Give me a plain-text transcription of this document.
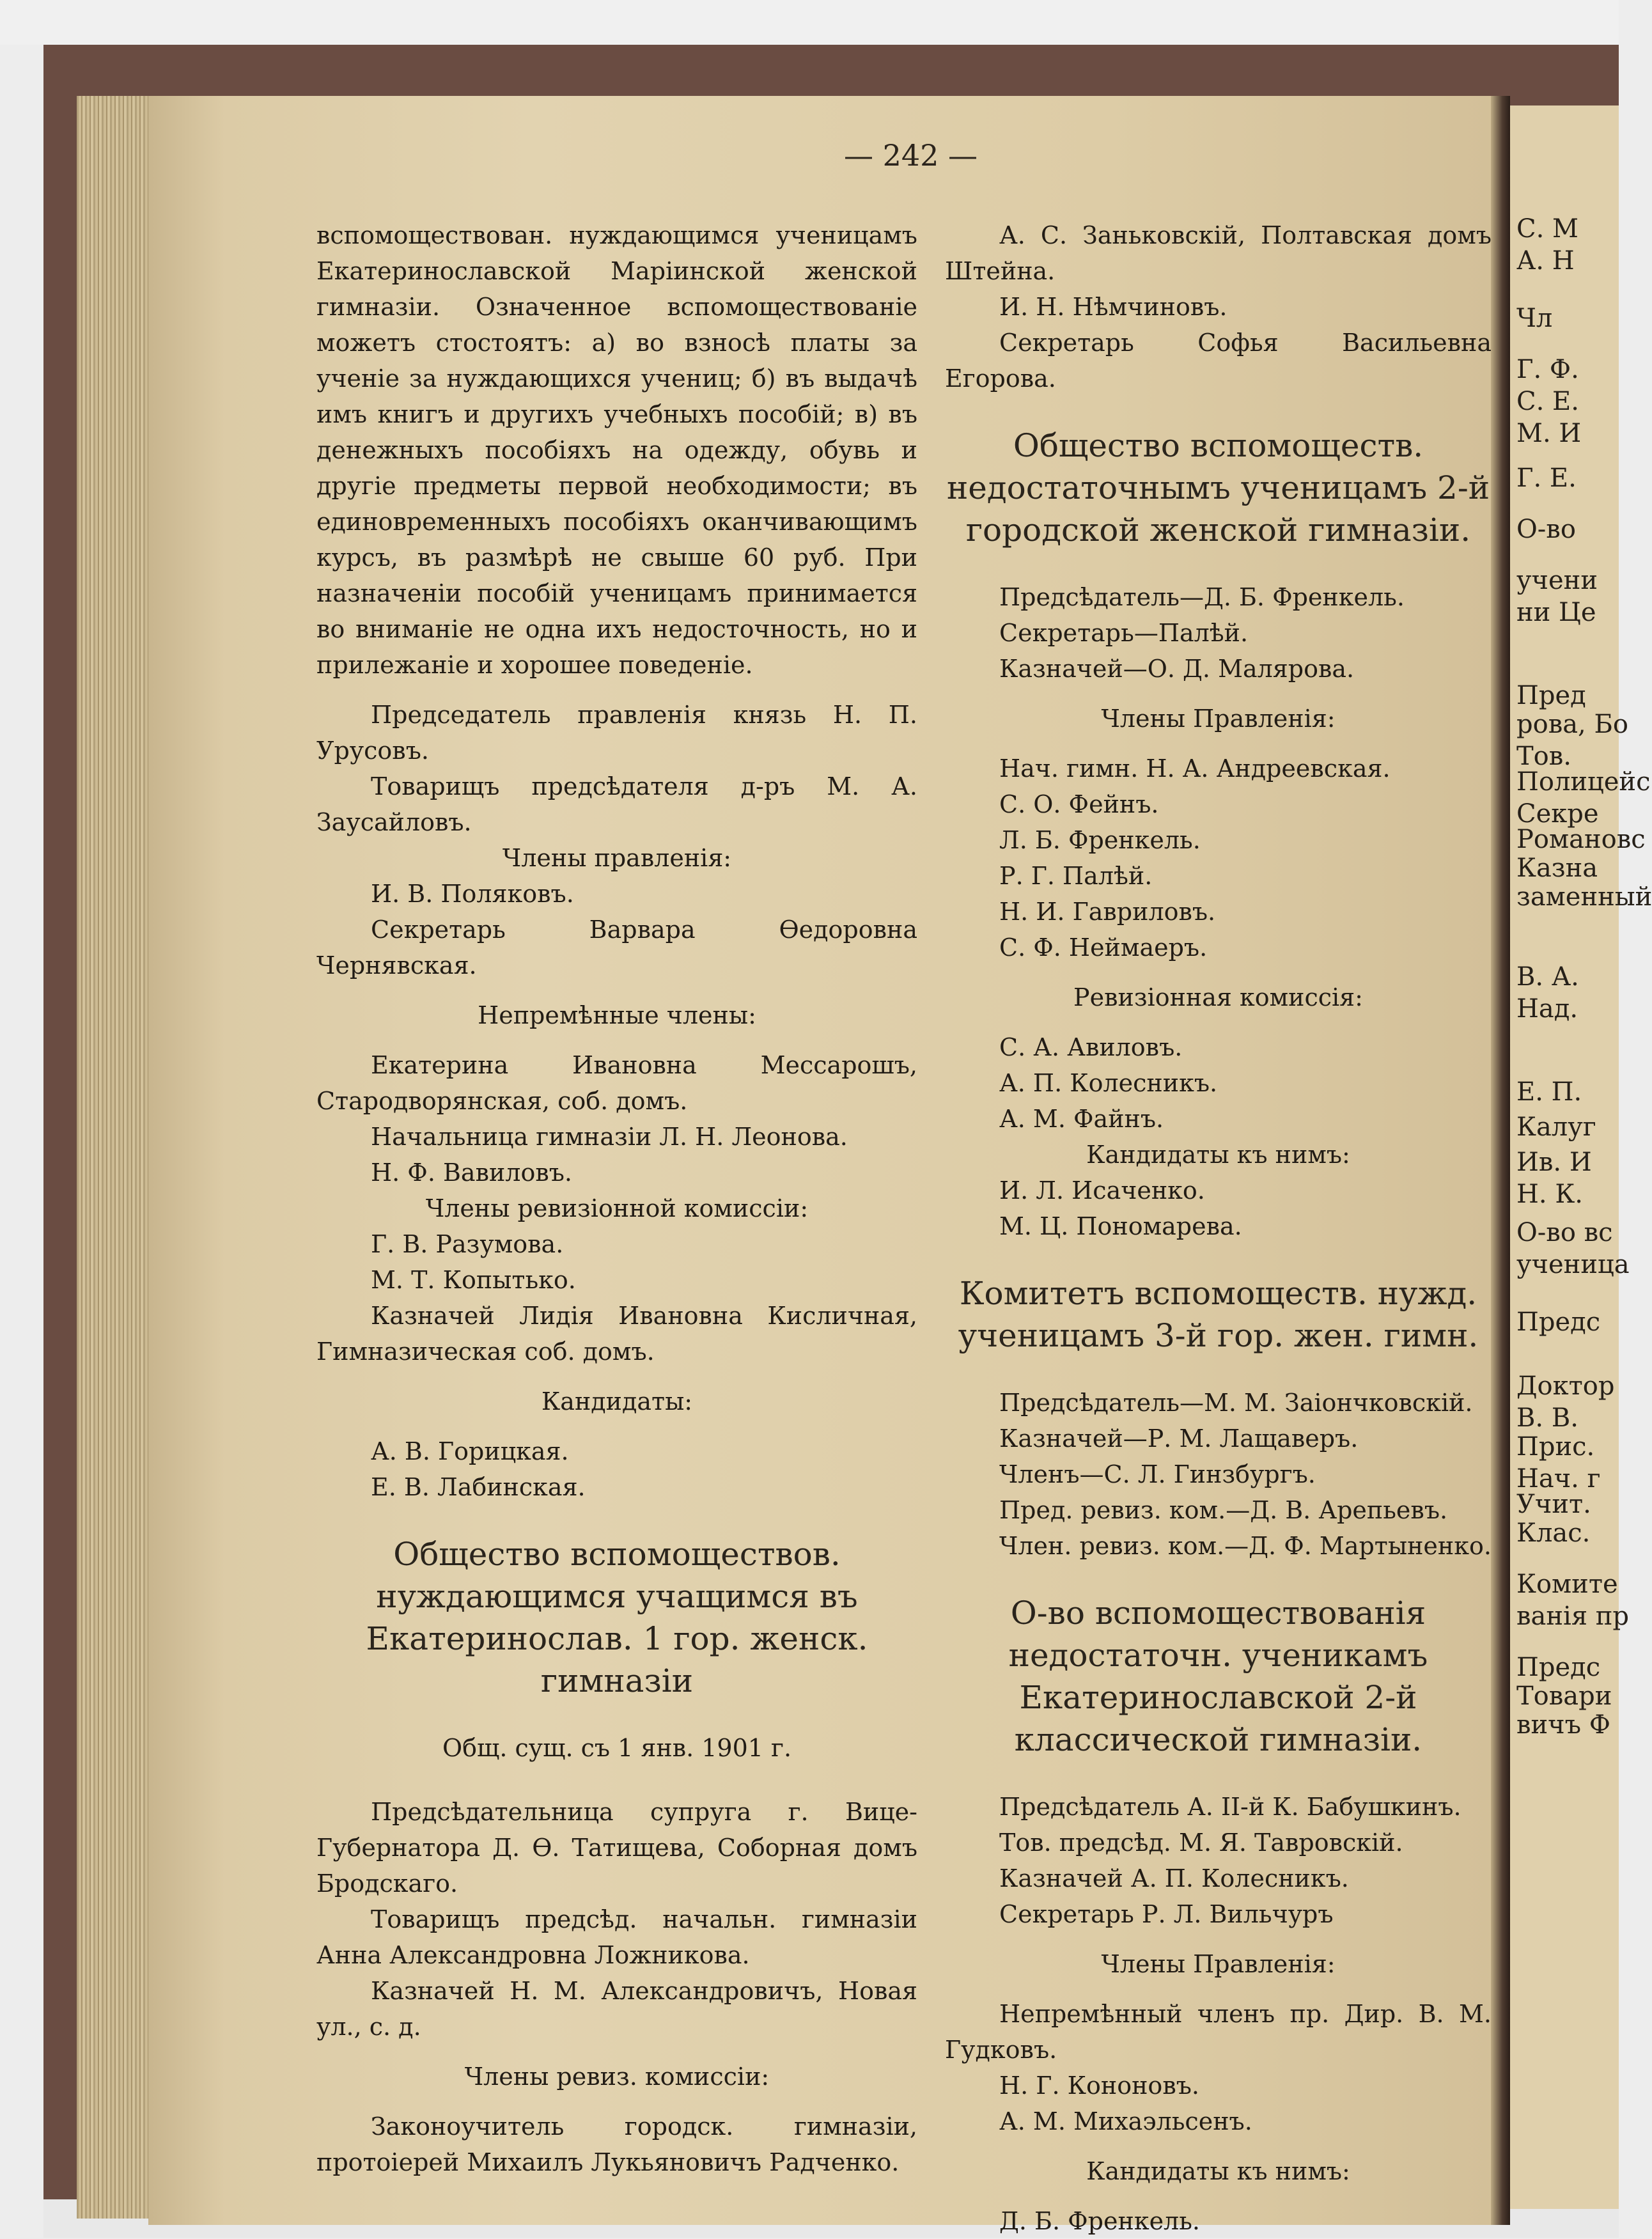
С. М
А. Н
Чл
Г. Ф.
С. Е.
М. И
Г. Е.
О-во
учени
ни Це
Пред
рова, Бо
Тов.
Полицейс
Секре
Романовс
Казна
заменный
В. А.
Над.
Е. П.
Калуг
Ив. И
Н. К.
О-во вс
ученица
Предс
Доктор
В. В.
Прис.
Нач. г
Учит.
Клас.
Комите
ванія пр
Предс
Товари
вичъ Ф
— 242 —
вспомоществован. нуждающимся ученицамъ Екатеринославской Маріинской женской гимназіи. Означенное вспомоществованіе можетъ стостоятъ: а) во взносѣ платы за ученіе за нуждающихся учениц; б) въ выдачѣ имъ книгъ и другихъ учебныхъ пособій; в) въ денежныхъ пособіяхъ на одежду, обувь и другіе предметы первой необходимости; въ единовременныхъ пособіяхъ оканчивающимъ курсъ, въ размѣрѣ не свыше 60 руб. При назначеніи пособій ученицамъ принимается во вниманіе не одна ихъ недосточность, но и прилежаніе и хорошее поведеніе.
Председатель правленія князь Н. П. Урусовъ.
Товарищъ предсѣдателя д-ръ М. А. Заусайловъ.
Члены правленія:
И. В. Поляковъ.
Секретарь Варвара Өедоровна Чернявская.
Непремѣнные члены:
Екатерина Ивановна Мессарошъ, Стародворянская, соб. домъ.
Начальница гимназіи Л. Н. Леонова.
Н. Ф. Вавиловъ.
Члены ревизіонной комиссіи:
Г. В. Разумова.
М. Т. Копытько.
Казначей Лидія Ивановна Кисличная, Гимназическая соб. домъ.
Кандидаты:
А. В. Горицкая.
Е. В. Лабинская.
Общество вспомоществов. нуждающимся учащимся въ Екатеринослав. 1 гор. женск. гимназіи
Общ. сущ. съ 1 янв. 1901 г.
Предсѣдательница супруга г. Вице-Губернатора Д. Ѳ. Татищева, Соборная домъ Бродскаго.
Товарищъ предсѣд. начальн. гимназіи Анна Александровна Ложникова.
Казначей Н. М. Александровичъ, Новая ул., с. д.
Члены ревиз. комиссіи:
Законоучитель городск. гимназіи, протоіерей Михаилъ Лукьяновичъ Радченко.
А. С. Заньковскій, Полтавская домъ Штейна.
И. Н. Нѣмчиновъ.
Секретарь Софья Васильевна Егорова.
Общество вспомоществ. недостаточнымъ ученицамъ 2-й городской женской гимназіи.
Предсѣдатель—Д. Б. Френкель.
Секретарь—Палѣй.
Казначей—О. Д. Малярова.
Члены Правленія:
Нач. гимн. Н. А. Андреевская.
С. О. Фейнъ.
Л. Б. Френкель.
Р. Г. Палѣй.
Н. И. Гавриловъ.
С. Ф. Неймаеръ.
Ревизіонная комиссія:
С. А. Авиловъ.
А. П. Колесникъ.
А. М. Файнъ.
Кандидаты къ нимъ:
И. Л. Исаченко.
М. Ц. Пономарева.
Комитетъ вспомоществ. нужд. ученицамъ 3-й гор. жен. гимн.
Предсѣдатель—М. М. Заіончковскій.
Казначей—Р. М. Лащаверъ.
Членъ—С. Л. Гинзбургъ.
Пред. ревиз. ком.—Д. В. Арепьевъ.
Член. ревиз. ком.—Д. Ф. Мартыненко.
О-во вспомоществованія недостаточн. ученикамъ Екатеринославской 2-й классической гимназіи.
Предсѣдатель А. II-й К. Бабушкинъ.
Тов. предсѣд. М. Я. Тавровскій.
Казначей А. П. Колесникъ.
Секретарь Р. Л. Вильчуръ
Члены Правленія:
Непремѣнный членъ пр. Дир. В. М. Гудковъ.
Н. Г. Кононовъ.
А. М. Михаэльсенъ.
Кандидаты къ нимъ:
Д. Б. Френкель.
